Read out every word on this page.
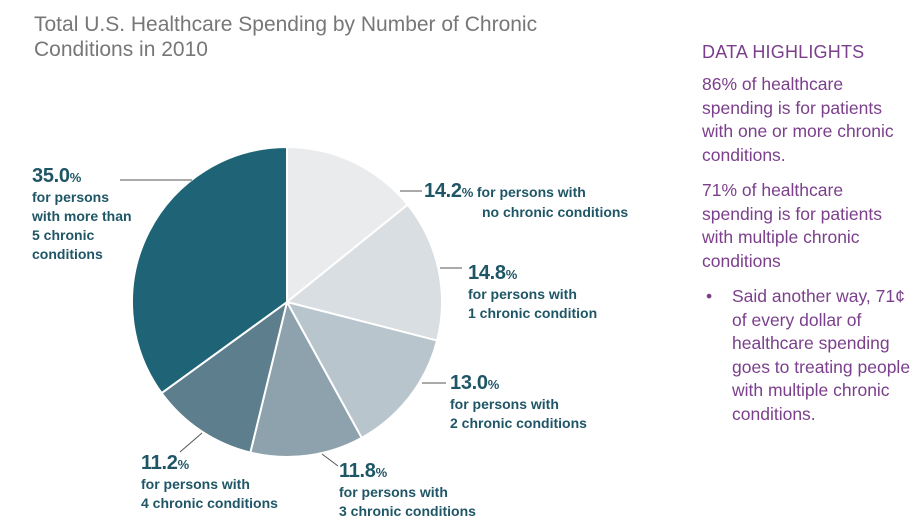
Total U.S. Healthcare Spending by Number of Chronic Conditions in 2010
14.2% for persons with
no chronic conditions
14.8%
for persons with
1 chronic condition
13.0%
for persons with
2 chronic conditions
11.8%
for persons with
3 chronic conditions
11.2%
for persons with
4 chronic conditions
35.0%
for persons
with more than
5 chronic
conditions
DATA HIGHLIGHTS
86% of healthcare spending is for patients with one or more chronic conditions.
71% of healthcare spending is for patients with multiple chronic conditions
• Said another way, 71¢ of every dollar of healthcare spending goes to treating people with multiple chronic conditions.
